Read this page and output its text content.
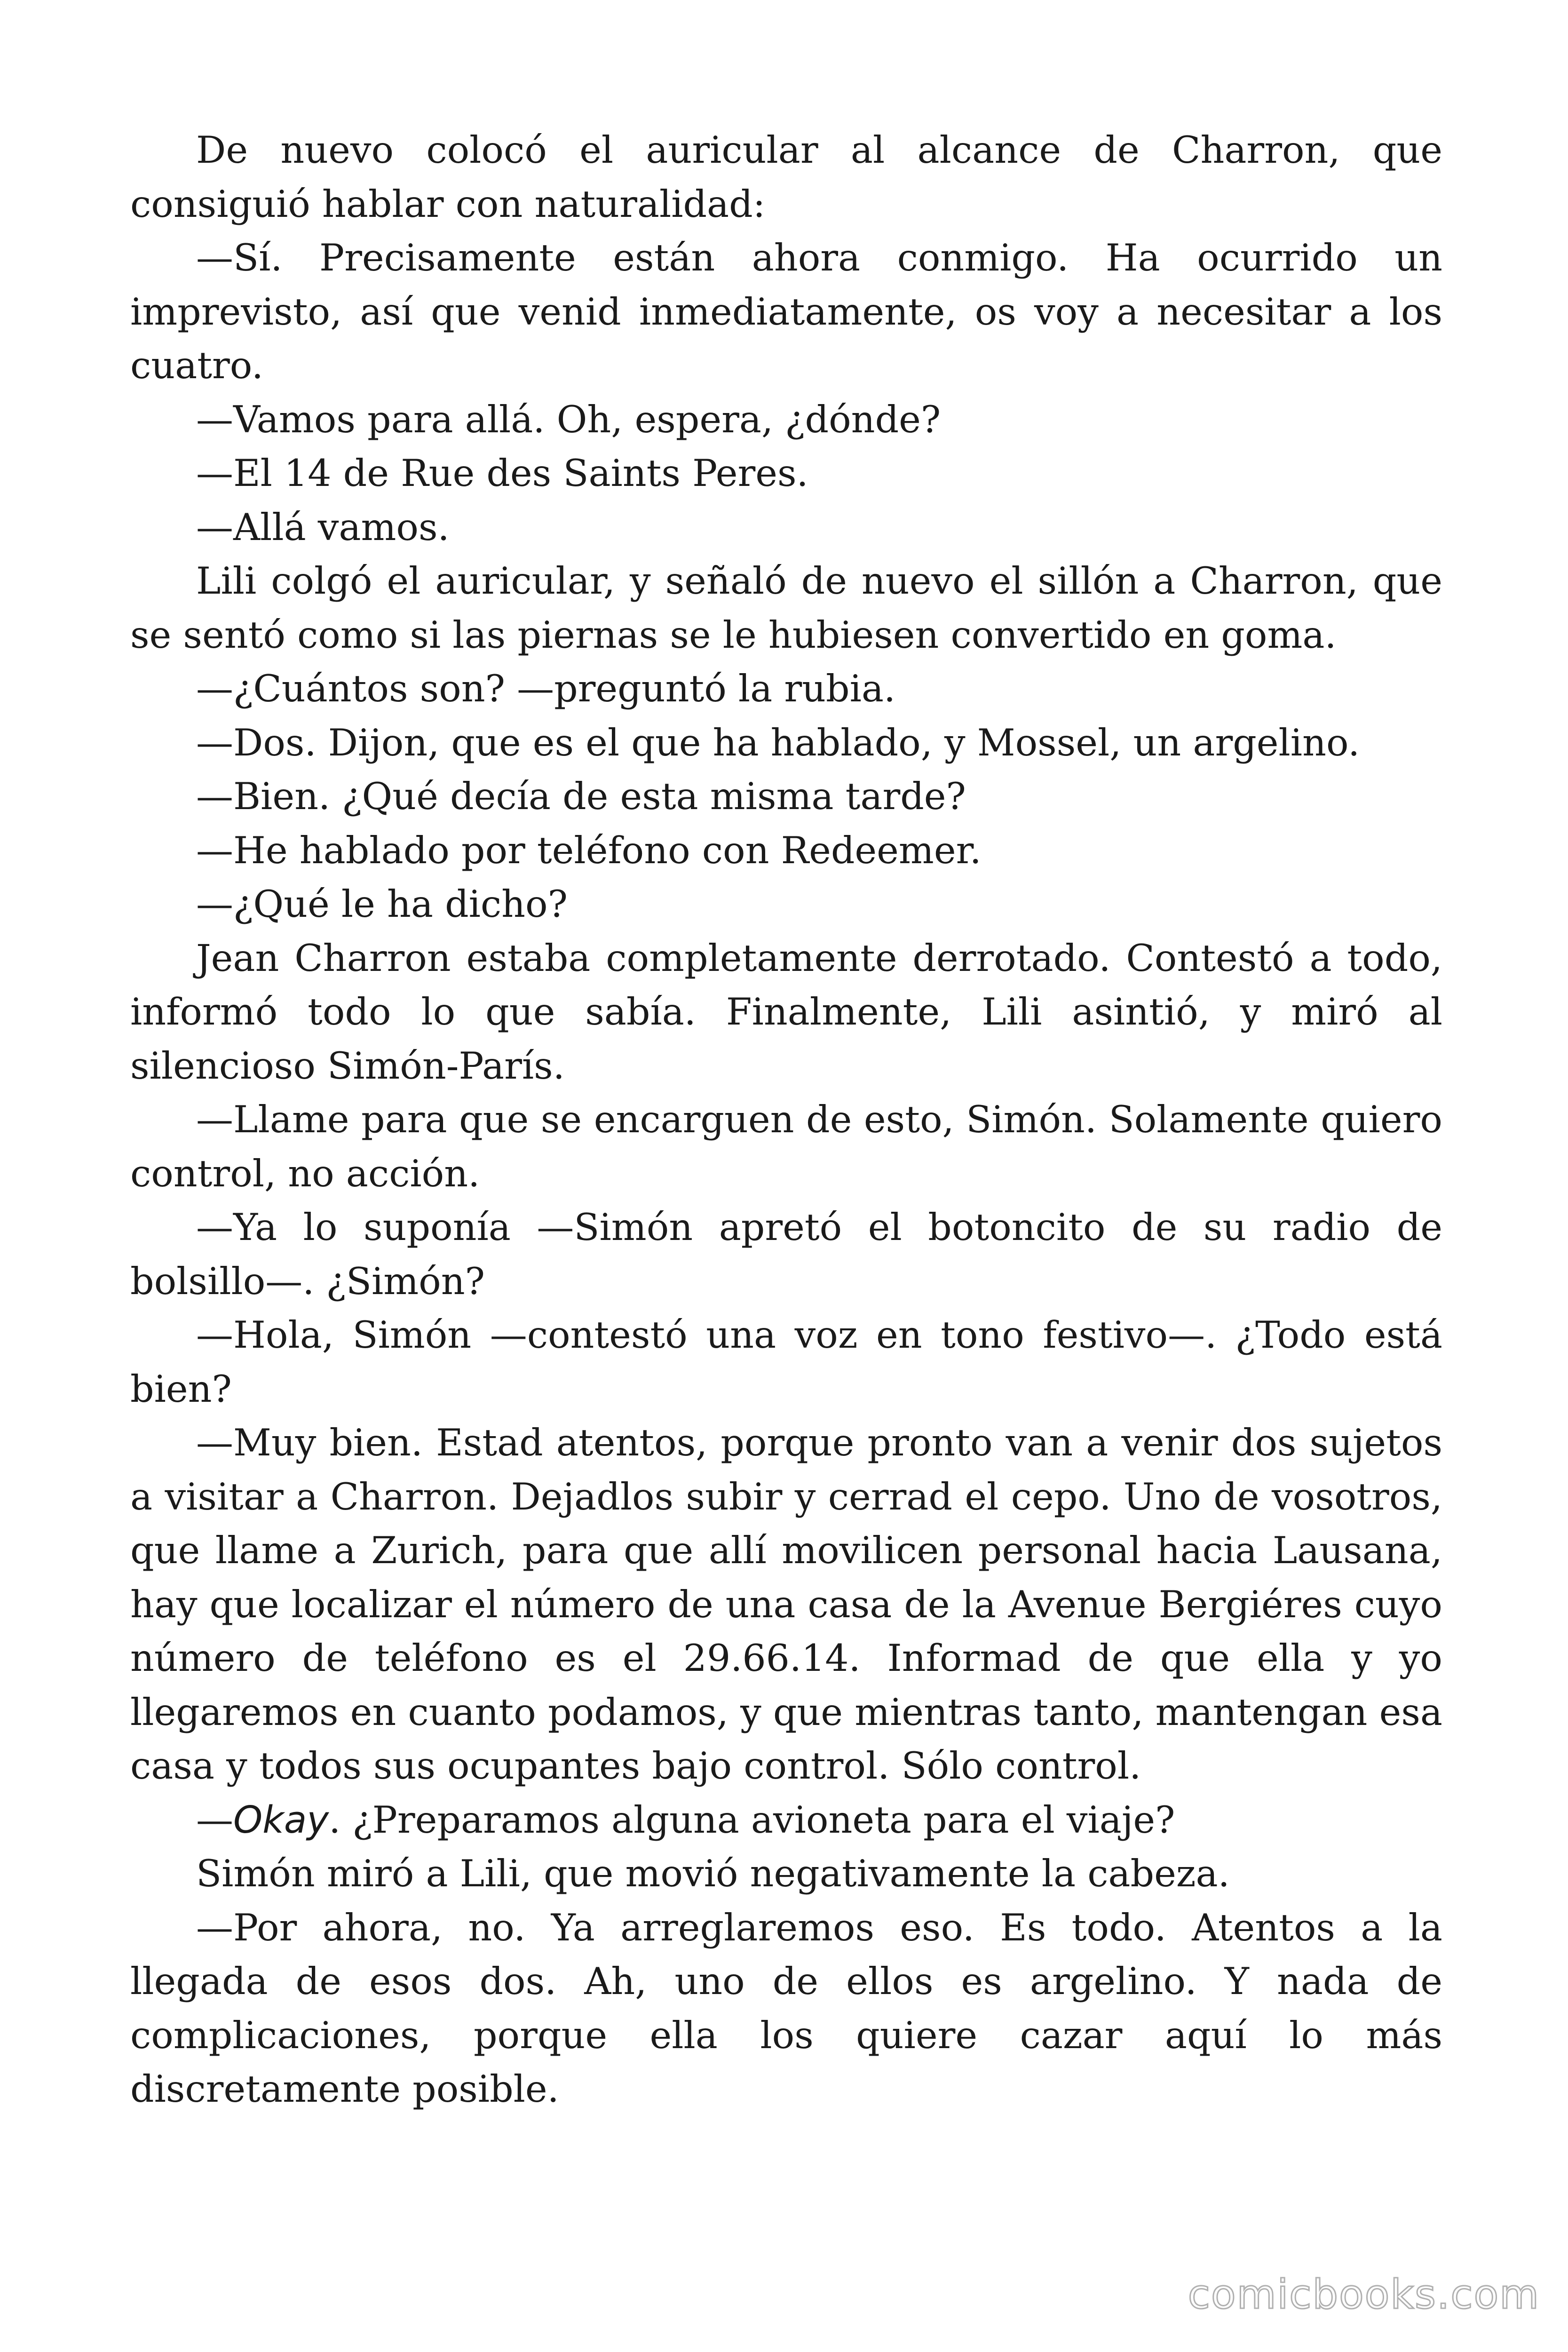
De nuevo colocó el auricular al alcance de Charron, que consiguió hablar con naturalidad:

—Sí. Precisamente están ahora conmigo. Ha ocurrido un imprevisto, así que venid inmediatamente, os voy a necesitar a los cuatro.

—Vamos para allá. Oh, espera, ¿dónde?

—El 14 de Rue des Saints Peres.

—Allá vamos.

Lili colgó el auricular, y señaló de nuevo el sillón a Charron, que se sentó como si las piernas se le hubiesen convertido en goma.

—¿Cuántos son? —preguntó la rubia.

—Dos. Dijon, que es el que ha hablado, y Mossel, un argelino.

—Bien. ¿Qué decía de esta misma tarde?

—He hablado por teléfono con Redeemer.

—¿Qué le ha dicho?

Jean Charron estaba completamente derrotado. Contestó a todo, informó todo lo que sabía. Finalmente, Lili asintió, y miró al silencioso Simón-París.

—Llame para que se encarguen de esto, Simón. Solamente quiero control, no acción.

—Ya lo suponía —Simón apretó el botoncito de su radio de bolsillo—. ¿Simón?

—Hola, Simón —contestó una voz en tono festivo—. ¿Todo está bien?

—Muy bien. Estad atentos, porque pronto van a venir dos sujetos a visitar a Charron. Dejadlos subir y cerrad el cepo. Uno de vosotros, que llame a Zurich, para que allí movilicen personal hacia Lausana, hay que localizar el número de una casa de la Avenue Bergiéres cuyo número de teléfono es el 29.66.14. Informad de que ella y yo llegaremos en cuanto podamos, y que mientras tanto, mantengan esa casa y todos sus ocupantes bajo control. Sólo control.

—Okay. ¿Preparamos alguna avioneta para el viaje?

Simón miró a Lili, que movió negativamente la cabeza.

—Por ahora, no. Ya arreglaremos eso. Es todo. Atentos a la llegada de esos dos. Ah, uno de ellos es argelino. Y nada de complicaciones, porque ella los quiere cazar aquí lo más discretamente posible.

comicbooks.com
